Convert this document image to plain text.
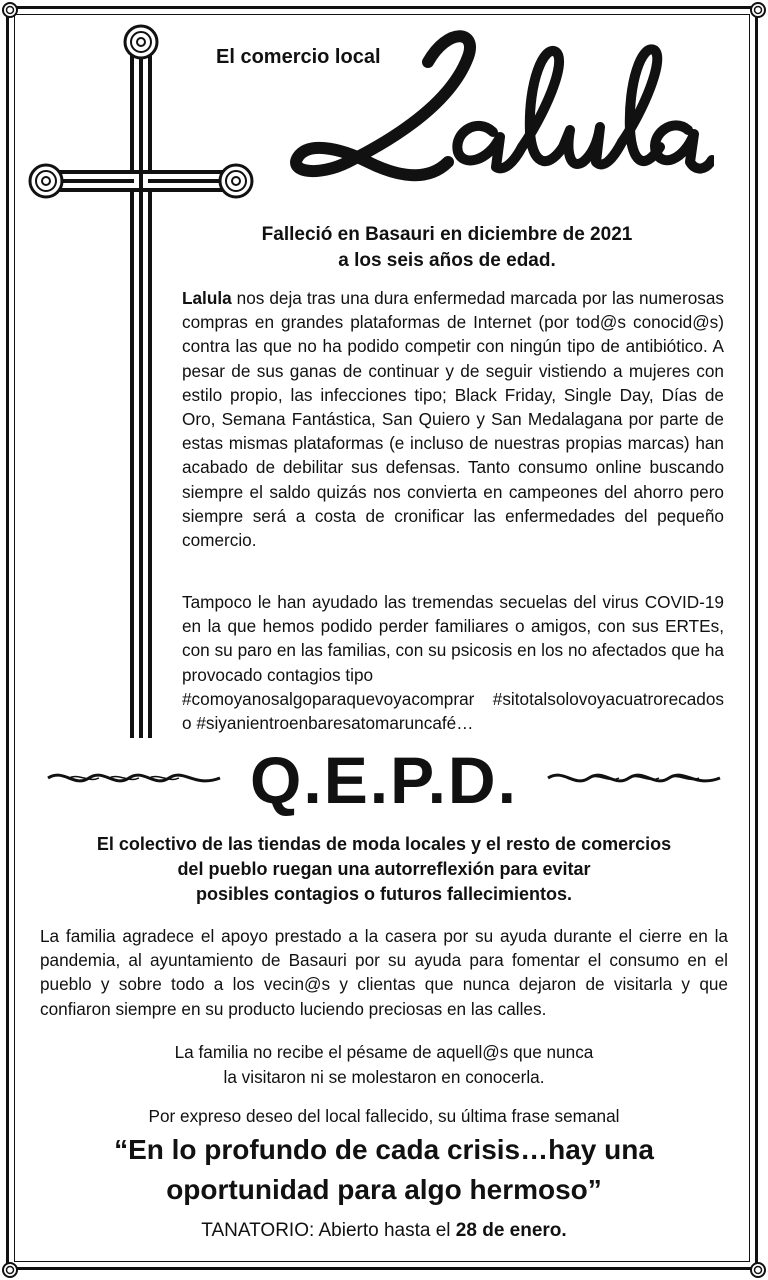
El comercio local
Falleció en Basauri en diciembre de 2021
a los seis años de edad.
Lalula nos deja tras una dura enfermedad marcada por las numerosas compras en grandes plataformas de Internet (por tod@s conocid@s) contra las que no ha podido competir con ningún tipo de antibiótico. A pesar de sus ganas de continuar y de seguir vistiendo a mujeres con estilo propio, las infecciones tipo; Black Friday, Single Day, Días de Oro, Semana Fantástica, San Quiero y San Medalagana por parte de estas mismas plataformas (e incluso de nuestras propias marcas) han acabado de debilitar sus defensas. Tanto consumo online buscando siempre el saldo quizás nos convierta en campeones del ahorro pero siempre será a costa de cronificar las enfermedades del pequeño comercio.
Tampoco le han ayudado las tremendas secuelas del virus COVID-19 en la que hemos podido perder familiares o amigos, con sus ERTEs, con su paro en las familias, con su psicosis en los no afectados que ha provocado contagios tipo
#comoyanosalgoparaquevoyacomprar #sitotalsolovoyacuatrorecados
o #siyanientroenbaresatomaruncafé…
Q.E.P.D.
El colectivo de las tiendas de moda locales y el resto de comercios
del pueblo ruegan una autorreflexión para evitar
posibles contagios o futuros fallecimientos.
La familia agradece el apoyo prestado a la casera por su ayuda durante el cierre en la pandemia, al ayuntamiento de Basauri por su ayuda para fomentar el consumo en el pueblo y sobre todo a los vecin@s y clientas que nunca dejaron de visitarla y que confiaron siempre en su producto luciendo preciosas en las calles.
La familia no recibe el pésame de aquell@s que nunca
la visitaron ni se molestaron en conocerla.
Por expreso deseo del local fallecido, su última frase semanal
“En lo profundo de cada crisis…hay una
oportunidad para algo hermoso”
TANATORIO: Abierto hasta el 28 de enero.
